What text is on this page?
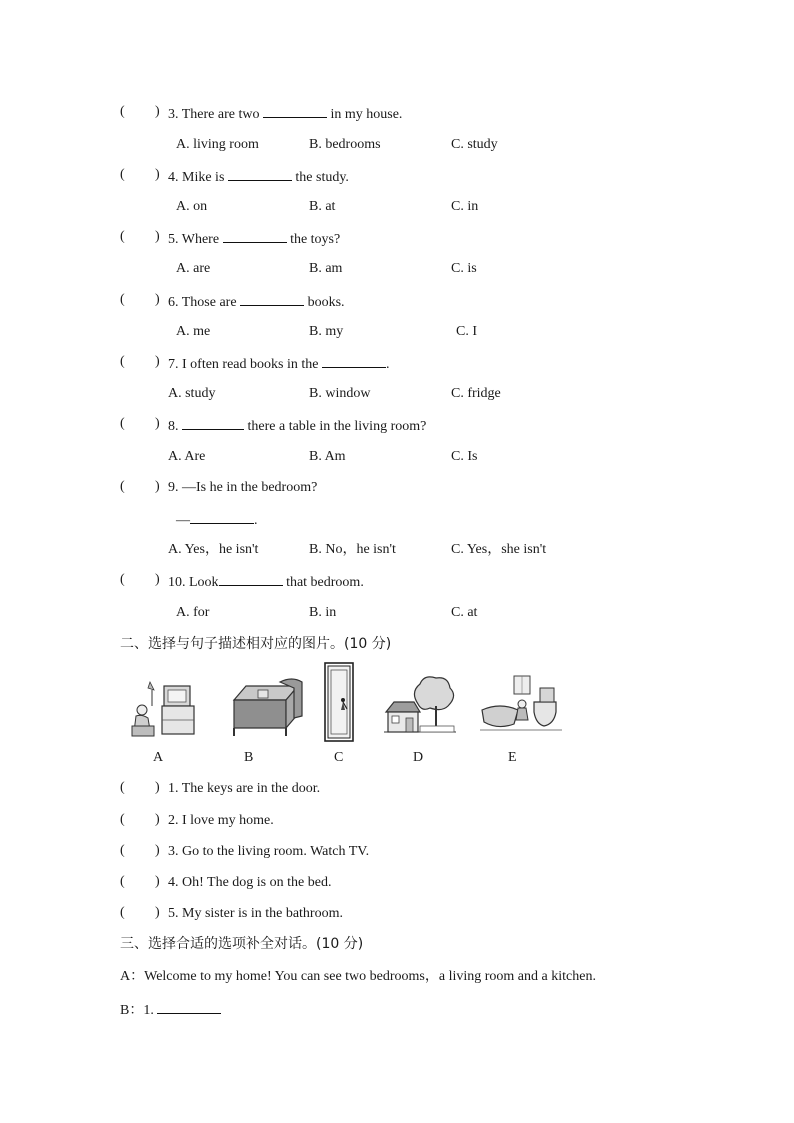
( ) 3. There are two	in my house.
A. living room	B. bedrooms	C. study
( ) 4. Mike is	the study.
A. on	B. at	C. in
( ) 5. Where	the toys?
A. are	B. am	C. is
( ) 6. Those are	books.
A. me	B. my	C. I
( ) 7. I often read books in the	.
A. study	B. window	C. fridge
( ) 8.	there a table in the living room?
A. Are	B. Am	C. Is
( ) 9. —Is he in the bedroom?
—	.
A. Yes，he isn't	B. No，he isn't	C. Yes，she isn't
( ) 10. Look	that bedroom.
A. for	B. in	C. at
二、选择与句子描述相对应的图片。(10 分)
A	B	C	D	E
( ) 1. The keys are in the door.
( ) 2. I love my home.
( ) 3. Go to the living room. Watch TV.
( ) 4. Oh! The dog is on the bed.
( ) 5. My sister is in the bathroom.
三、选择合适的选项补全对话。(10 分)
A：Welcome to my home! You can see two bedrooms，a living room and a kitchen.
B：1.
